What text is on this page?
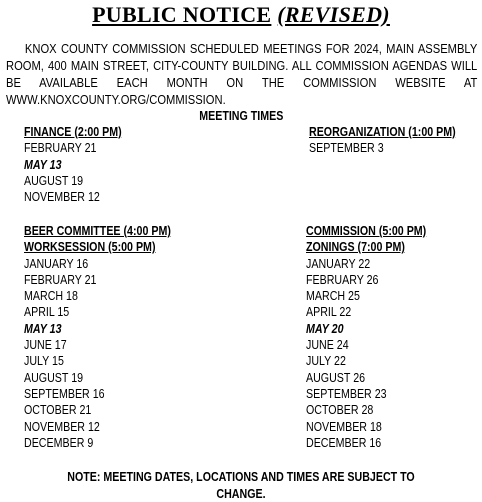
PUBLIC NOTICE (REVISED)
KNOX COUNTY COMMISSION SCHEDULED MEETINGS FOR 2024, MAIN ASSEMBLY ROOM, 400 MAIN STREET, CITY-COUNTY BUILDING. ALL COMMISSION AGENDAS WILL BE AVAILABLE EACH MONTH ON THE COMMISSION WEBSITE AT WWW.KNOXCOUNTY.ORG/COMMISSION.
MEETING TIMES
FINANCE (2:00 PM)
FEBRUARY 21
MAY 13
AUGUST 19
NOVEMBER 12
REORGANIZATION (1:00 PM)
SEPTEMBER 3
BEER COMMITTEE (4:00 PM)
WORKSESSION (5:00 PM)
JANUARY 16
FEBRUARY 21
MARCH 18
APRIL 15
MAY 13
JUNE 17
JULY 15
AUGUST 19
SEPTEMBER 16
OCTOBER 21
NOVEMBER 12
DECEMBER 9
COMMISSION (5:00 PM)
ZONINGS (7:00 PM)
JANUARY 22
FEBRUARY 26
MARCH 25
APRIL 22
MAY 20
JUNE 24
JULY 22
AUGUST 26
SEPTEMBER 23
OCTOBER 28
NOVEMBER 18
DECEMBER 16
NOTE: MEETING DATES, LOCATIONS AND TIMES ARE SUBJECT TO CHANGE.
